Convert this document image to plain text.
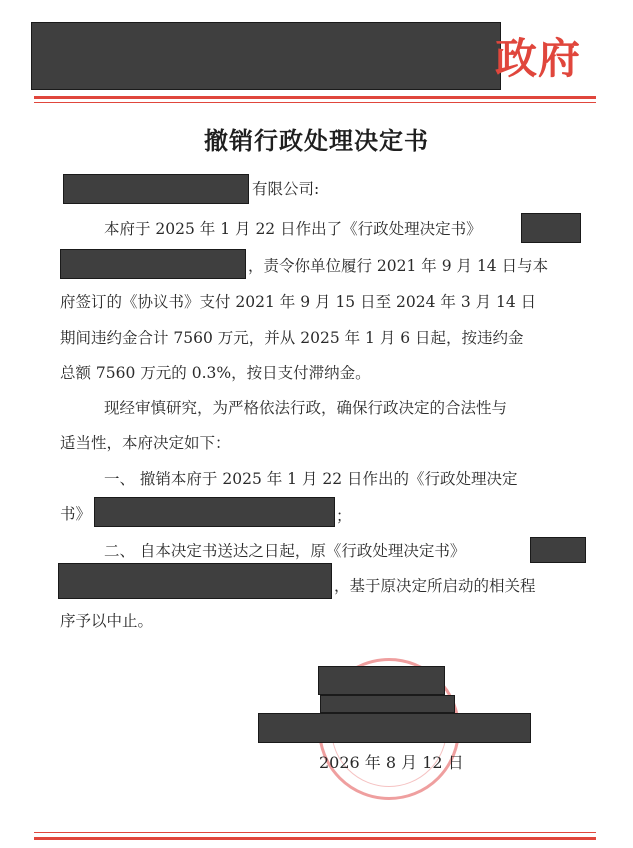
政府
撤销行政处理决定书
有限公司:
本府于 2025 年 1 月 22 日作出了《行政处理决定书》
，责令你单位履行 2021 年 9 月 14 日与本
府签订的《协议书》支付 2021 年 9 月 15 日至 2024 年 3 月 14 日
期间违约金合计 7560 万元，并从 2025 年 1 月 6 日起，按违约金
总额 7560 万元的 0.3%，按日支付滞纳金。
现经审慎研究，为严格依法行政，确保行政决定的合法性与
适当性，本府决定如下：
一、 撤销本府于 2025 年 1 月 22 日作出的《行政处理决定
书》	；
二、 自本决定书送达之日起，原《行政处理决定书》
，基于原决定所启动的相关程
序予以中止。
2026 年 8 月 12 日
